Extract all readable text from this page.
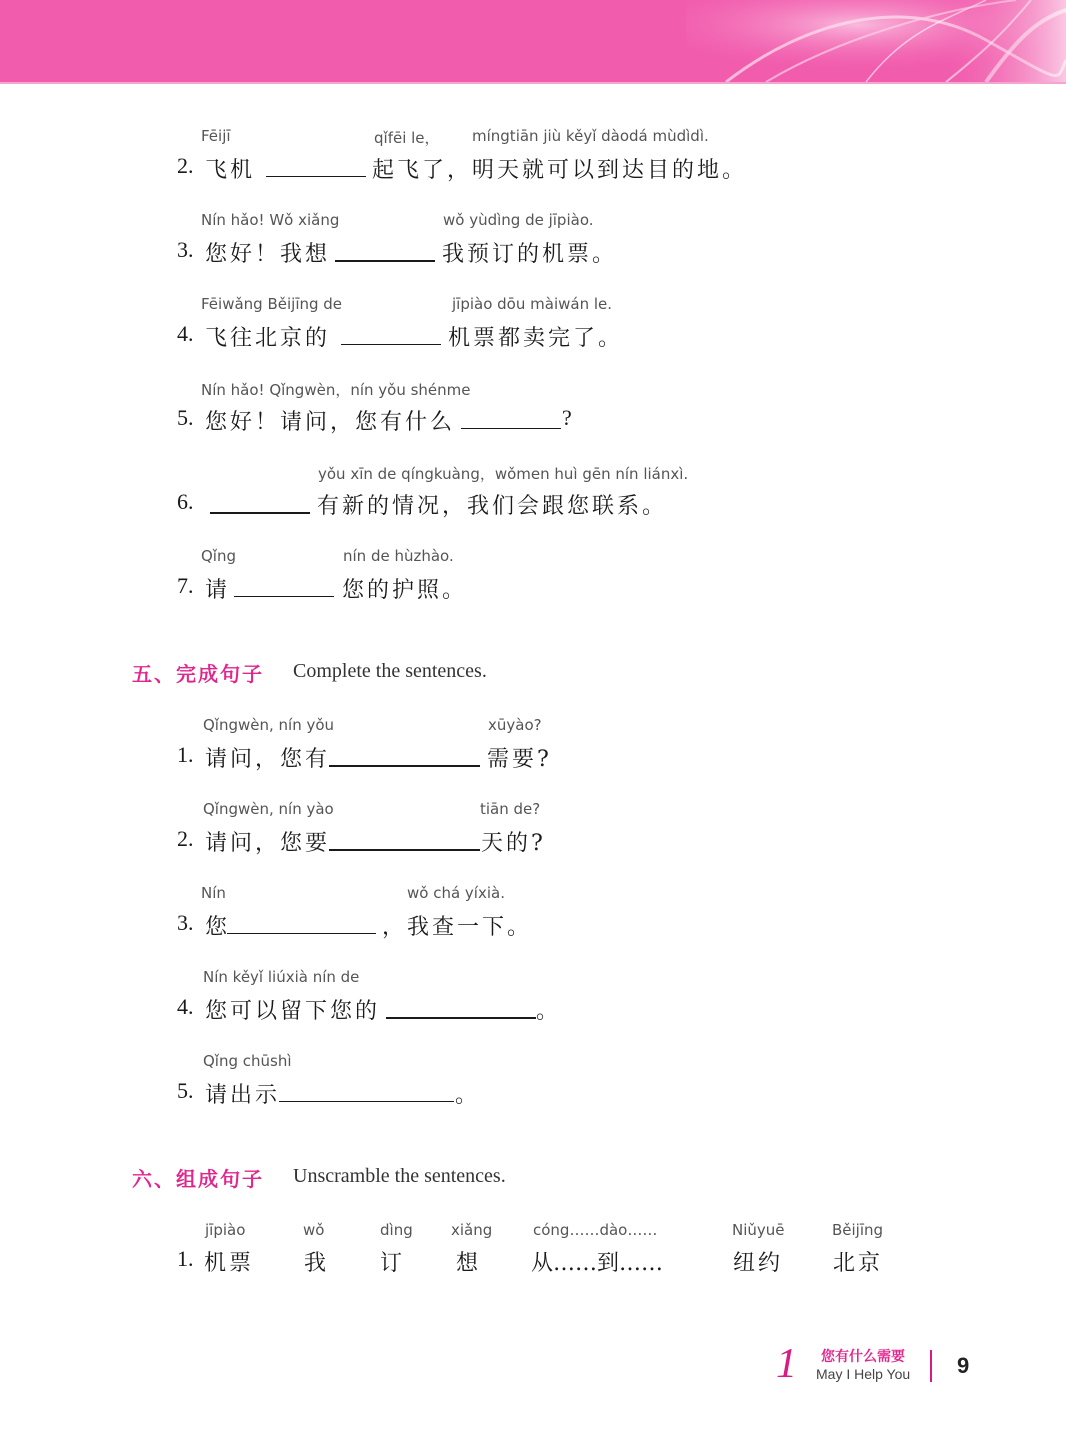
Fēijī	qǐfēi le， míngtiān jiù kěyǐ dàodá mùdìdì.
2. 飞机	起飞了，明天就可以到达目的地。
Nín hǎo! Wǒ xiǎng	wǒ yùdìng de jīpiào.
3. 您好！我想	我预订的机票。
Fēiwǎng Běijīng de	jīpiào dōu màiwán le.
4. 飞往北京的	机票都卖完了。
Nín hǎo! Qǐngwèn，nín yǒu shénme
5. 您好！请问，您有什么	?
yǒu xīn de qíngkuàng，wǒmen huì gēn nín liánxì.
6.	有新的情况，我们会跟您联系。
Qǐng	nín de hùzhào.
7. 请	您的护照。
五、完成句子 Complete the sentences.
Qǐngwèn, nín yǒu	xūyào?
1. 请问，您有	需要?
Qǐngwèn, nín yào	tiān de?
2. 请问，您要	天的?
Nín	wǒ chá yíxià.
3. 您	，我查一下。
Nín kěyǐ liúxià nín de
4. 您可以留下您的	。
Qǐng chūshì
5. 请出示	。
六、组成句子 Unscramble the sentences.
1.
jīpiào
机票
wǒ
我
dìng
订
xiǎng
想
cóng……dào……
从……到……
Niǔyuē
纽约
Běijīng
北京
1 您有什么需要
May I Help You 9
